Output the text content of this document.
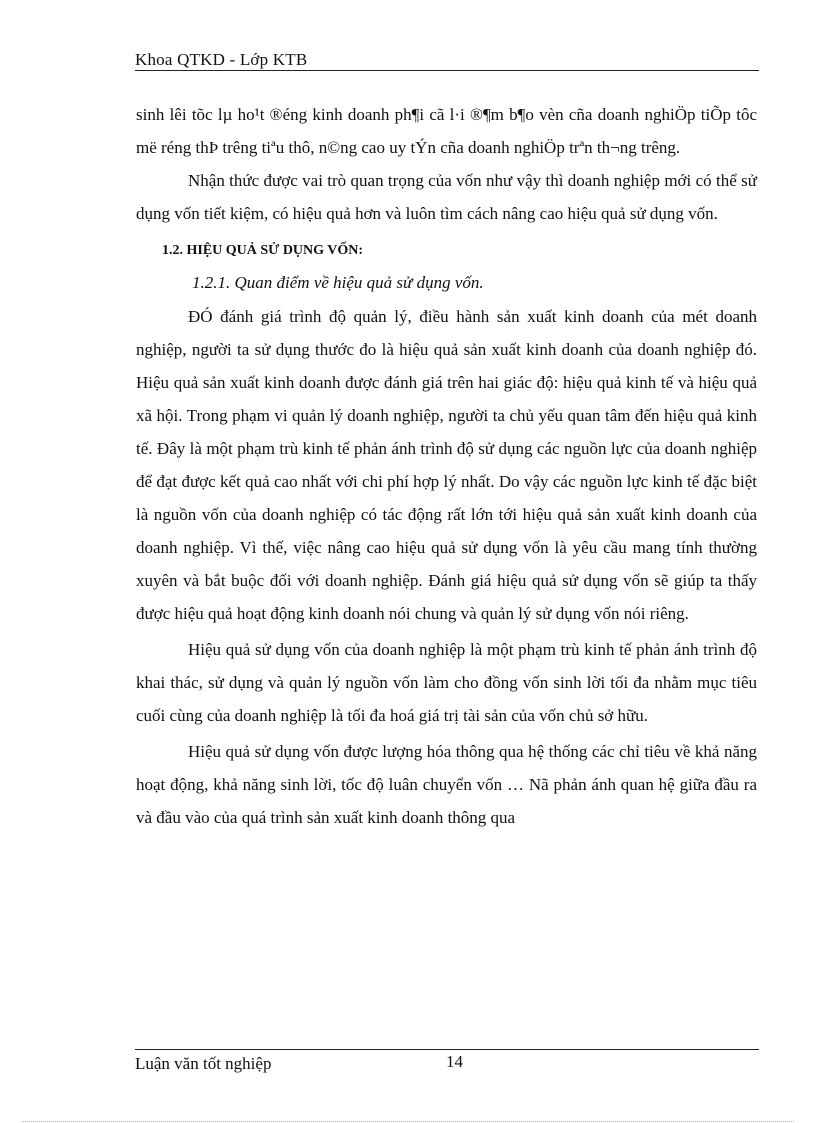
Khoa QTKD - Lớp KTB

sinh lêi tõc lµ ho¹t ®éng kinh doanh ph¶i cã l·i ®¶m b¶o vèn cña doanh nghiÖp tiÕp tôc më réng thÞ trêng tiªu thô, n©ng cao uy tÝn cña doanh nghiÖp trªn th¬ng trêng.

Nhận thức được vai trò quan trọng của vốn như vậy thì doanh nghiệp mới có thể sử dụng vốn tiết kiệm, có hiệu quả hơn và luôn tìm cách nâng cao hiệu quả sử dụng vốn.

1.2. HIỆU QUẢ SỬ DỤNG VỐN:
1.2.1. Quan điểm về hiệu quả sử dụng vốn.

ĐÓ đánh giá trình độ quản lý, điều hành sản xuất kinh doanh của mét doanh nghiệp, người ta sử dụng thước đo là hiệu quả sản xuất kinh doanh của doanh nghiệp đó. Hiệu quả sản xuất kinh doanh được đánh giá trên hai giác độ: hiệu quả kinh tế và hiệu quả xã hội. Trong phạm vi quản lý doanh nghiệp, người ta chủ yếu quan tâm đến hiệu quả kinh tế. Đây là một phạm trù kinh tế phản ánh trình độ sử dụng các nguồn lực của doanh nghiệp để đạt được kết quả cao nhất với chi phí hợp lý nhất. Do vậy các nguồn lực kinh tế đặc biệt là nguồn vốn của doanh nghiệp có tác động rất lớn tới hiệu quả sản xuất kinh doanh của doanh nghiệp. Vì thế, việc nâng cao hiệu quả sử dụng vốn là yêu cầu mang tính thường xuyên và bắt buộc đối với doanh nghiệp. Đánh giá hiệu quả sử dụng vốn sẽ giúp ta thấy được hiệu quả hoạt động kinh doanh nói chung và quản lý sử dụng vốn nói riêng.

Hiệu quả sử dụng vốn của doanh nghiệp là một phạm trù kinh tế phản ánh trình độ khai thác, sử dụng và quản lý nguồn vốn làm cho đồng vốn sinh lời tối đa nhằm mục tiêu cuối cùng của doanh nghiệp là tối đa hoá giá trị tài sản của vốn chủ sở hữu.

Hiệu quả sử dụng vốn được lượng hóa thông qua hệ thống các chỉ tiêu về khả năng hoạt động, khả năng sinh lời, tốc độ luân chuyển vốn … Nã phản ánh quan hệ giữa đầu ra và đầu vào của quá trình sản xuất kinh doanh thông qua

Luận văn tốt nghiệp	14
